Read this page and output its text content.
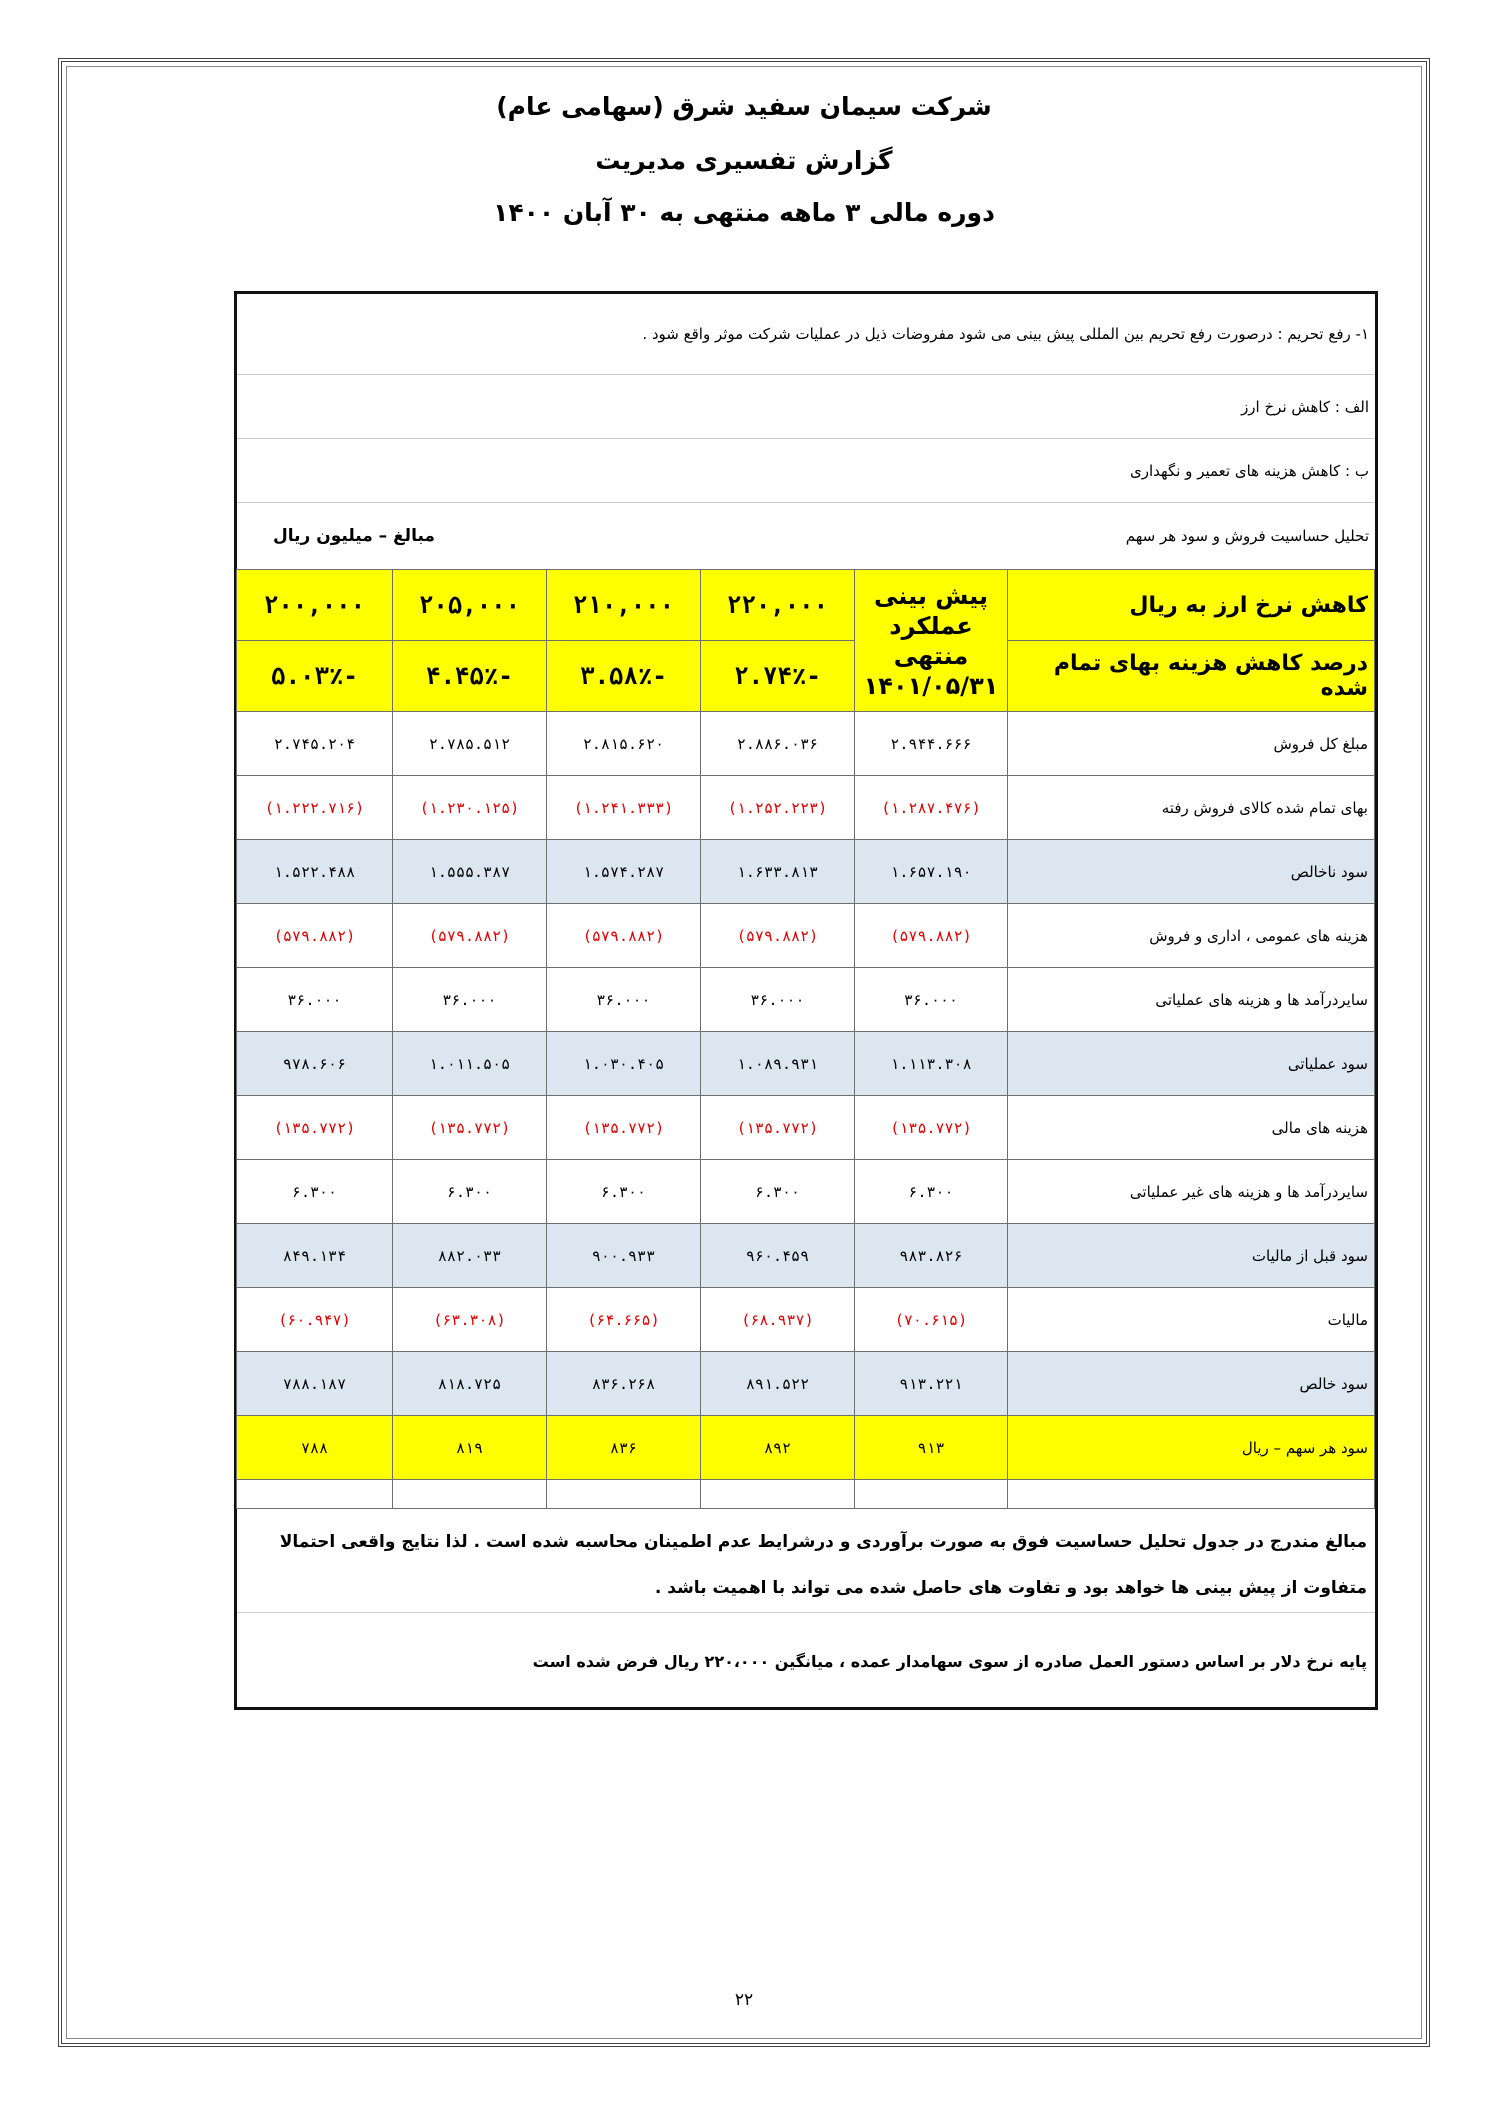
شرکت سیمان سفید شرق (سهامی عام)
گزارش تفسیری مدیریت
دوره مالی ۳ ماهه منتهی به ۳۰ آبان ۱۴۰۰
۱- رفع تحریم : درصورت رفع تحریم بین المللی پیش بینی می شود مفروضات ذیل در عملیات شرکت موثر واقع شود .
الف : کاهش نرخ ارز
ب : کاهش هزینه های تعمیر و نگهداری
تحلیل حساسیت فروش و سود هر سهم
مبالغ – میلیون ریال
کاهش نرخ ارز به ریال	پیش بینی عملکرد منتهی ۱۴۰۱/۰۵/۳۱	۲۲۰,۰۰۰	۲۱۰,۰۰۰	۲۰۵,۰۰۰	۲۰۰,۰۰۰
درصد کاهش هزینه بهای تمام شده		-۲.۷۴٪	-۳.۵۸٪	-۴.۴۵٪	-۵.۰۳٪
مبلغ کل فروش	۲.۹۴۴.۶۶۶	۲.۸۸۶.۰۳۶	۲.۸۱۵.۶۲۰	۲.۷۸۵.۵۱۲	۲.۷۴۵.۲۰۴
بهای تمام شده کالای فروش رفته	(۱.۲۸۷.۴۷۶)	(۱.۲۵۲.۲۲۳)	(۱.۲۴۱.۳۳۳)	(۱.۲۳۰.۱۲۵)	(۱.۲۲۲.۷۱۶)
سود ناخالص	۱.۶۵۷.۱۹۰	۱.۶۳۳.۸۱۳	۱.۵۷۴.۲۸۷	۱.۵۵۵.۳۸۷	۱.۵۲۲.۴۸۸
هزینه های عمومی ، اداری و فروش	(۵۷۹.۸۸۲)	(۵۷۹.۸۸۲)	(۵۷۹.۸۸۲)	(۵۷۹.۸۸۲)	(۵۷۹.۸۸۲)
سایردرآمد ها و هزینه های عملیاتی	۳۶.۰۰۰	۳۶.۰۰۰	۳۶.۰۰۰	۳۶.۰۰۰	۳۶.۰۰۰
سود عملیاتی	۱.۱۱۳.۳۰۸	۱.۰۸۹.۹۳۱	۱.۰۳۰.۴۰۵	۱.۰۱۱.۵۰۵	۹۷۸.۶۰۶
هزینه های مالی	(۱۳۵.۷۷۲)	(۱۳۵.۷۷۲)	(۱۳۵.۷۷۲)	(۱۳۵.۷۷۲)	(۱۳۵.۷۷۲)
سایردرآمد ها و هزینه های غیر عملیاتی	۶.۳۰۰	۶.۳۰۰	۶.۳۰۰	۶.۳۰۰	۶.۳۰۰
سود قبل از مالیات	۹۸۳.۸۲۶	۹۶۰.۴۵۹	۹۰۰.۹۳۳	۸۸۲.۰۳۳	۸۴۹.۱۳۴
مالیات	(۷۰.۶۱۵)	(۶۸.۹۳۷)	(۶۴.۶۶۵)	(۶۳.۳۰۸)	(۶۰.۹۴۷)
سود خالص	۹۱۳.۲۲۱	۸۹۱.۵۲۲	۸۳۶.۲۶۸	۸۱۸.۷۲۵	۷۸۸.۱۸۷
سود هر سهم – ریال	۹۱۳	۸۹۲	۸۳۶	۸۱۹	۷۸۸

مبالغ مندرج در جدول تحلیل حساسیت فوق به صورت برآوردی و درشرایط عدم اطمینان محاسبه شده است . لذا نتایج واقعی احتمالا متفاوت از پیش بینی ها خواهد بود و تفاوت های حاصل شده می تواند با اهمیت باشد .
پایه نرخ دلار بر اساس دستور العمل صادره از سوی سهامدار عمده ، میانگین ۲۲۰،۰۰۰ ریال فرض شده است
۲۲
